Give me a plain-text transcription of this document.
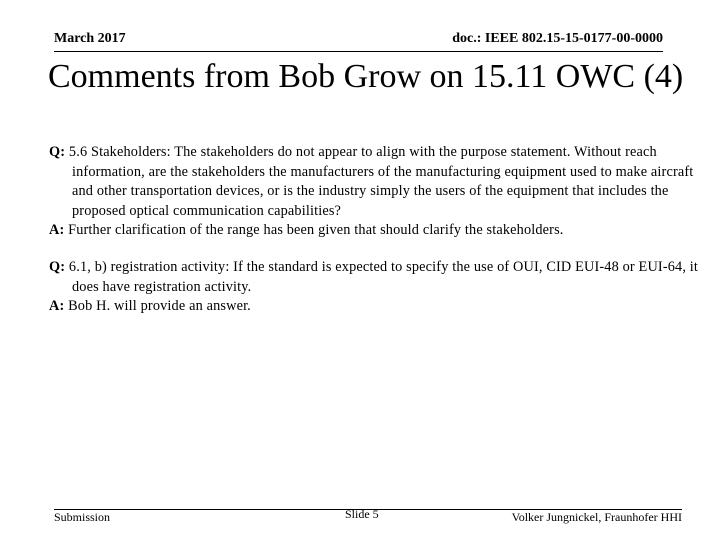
March 2017	doc.: IEEE 802.15-15-0177-00-0000
Comments from Bob Grow on 15.11 OWC (4)

Q: 5.6 Stakeholders: The stakeholders do not appear to align with the purpose statement. Without reach information, are the stakeholders the manufacturers of the manufacturing equipment used to make aircraft and other transportation devices, or is the industry simply the users of the equipment that includes the proposed optical communication capabilities?

A: Further clarification of the range has been given that should clarify the stakeholders.

Q: 6.1, b) registration activity: If the standard is expected to specify the use of OUI, CID EUI-48 or EUI-64, it does have registration activity.

A: Bob H. will provide an answer.

Submission	Slide 5	Volker Jungnickel, Fraunhofer HHI
